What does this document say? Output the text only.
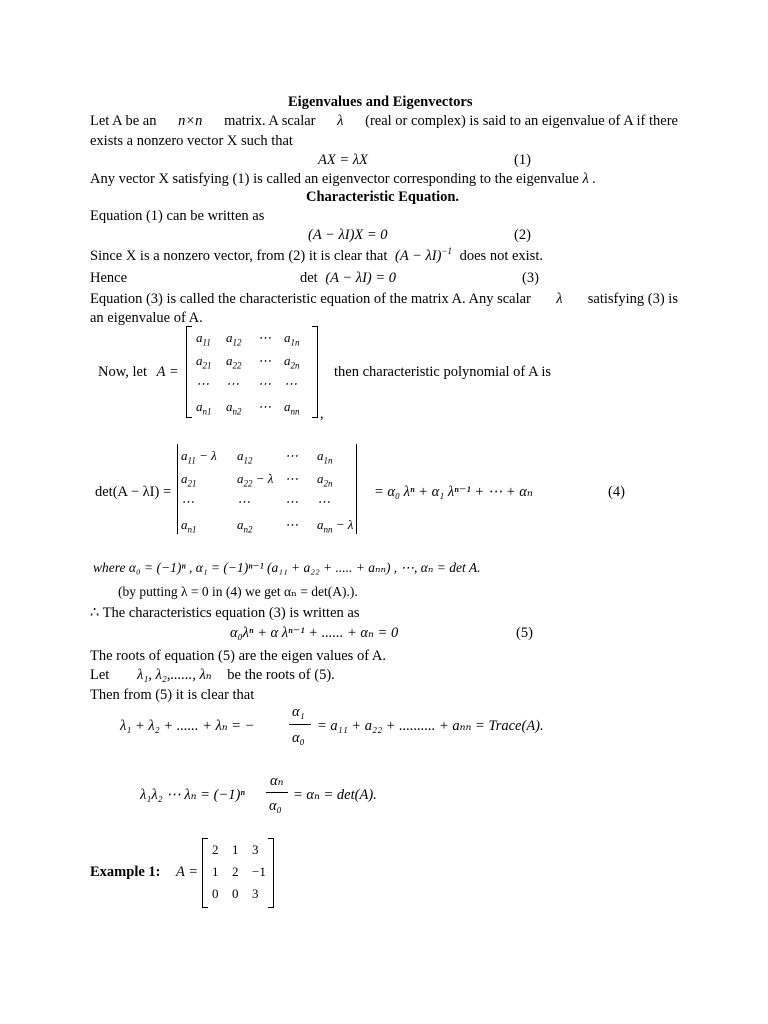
Eigenvalues and Eigenvectors
Let A be an n×n matrix. A scalar λ (real or complex) is said to an eigenvalue of A if there
exists a nonzero vector X such that
AX = λX	(1)
Any vector X satisfying (1) is called an eigenvector corresponding to the eigenvalue λ .
Characteristic Equation.
Equation (1) can be written as
(A − λI)X = 0	(2)
Since X is a nonzero vector, from (2) it is clear that $(A - \lambda I)^{-1}$ does not exist.
Hence	det (A − λI) = 0	(3)
Equation (3) is called the characteristic equation of the matrix A. Any scalar λ satisfying (3) is
an eigenvalue of A.
Now, let A =
$a_{11}$ $a_{12}$ ⋯ $a_{1n}$
$a_{21}$ $a_{22}$ ⋯ $a_{2n}$
⋯ ⋯ ⋯ ⋯
$a_{n1}$ $a_{n2}$ ⋯ $a_{nn}$
then characteristic polynomial of A is
,
det(A − λI) =
$a_{11} - \lambda$ $a_{12}$	⋯ $a_{1n}$
$a_{21}$	$a_{22} - \lambda$ ⋯ $a_{2n}$
⋯	⋯	⋯ ⋯
$a_{n1}$	$a_{n2}$	⋯ $a_{nn} - \lambda$
= α₀ λⁿ + α₁ λⁿ⁻¹ + ⋯ + αₙ	(4)
where α₀ = (−1)ⁿ , α₁ = (−1)ⁿ⁻¹ (a₁₁ + a₂₂ + ..... + aₙₙ) , ⋯, αₙ = det A.
(by putting λ = 0 in (4) we get αₙ = det(A).).
∴ The characteristics equation (3) is written as
α₀λⁿ + α λⁿ⁻¹ + ...... + αₙ = 0	(5)
The roots of equation (5) are the eigen values of A.
Let λ₁, λ₂,......, λₙ be the roots of (5).
Then from (5) it is clear that
λ₁ + λ₂ + ...... + λₙ = −
α₁
α₀
= a₁₁ + a₂₂ + .......... + aₙₙ = Trace(A).
λ₁λ₂ ⋯ λₙ = (−1)ⁿ
αₙ
α₀
= αₙ = det(A).
Example 1: A =
2 1 3
1 2 −1
0 0 3
